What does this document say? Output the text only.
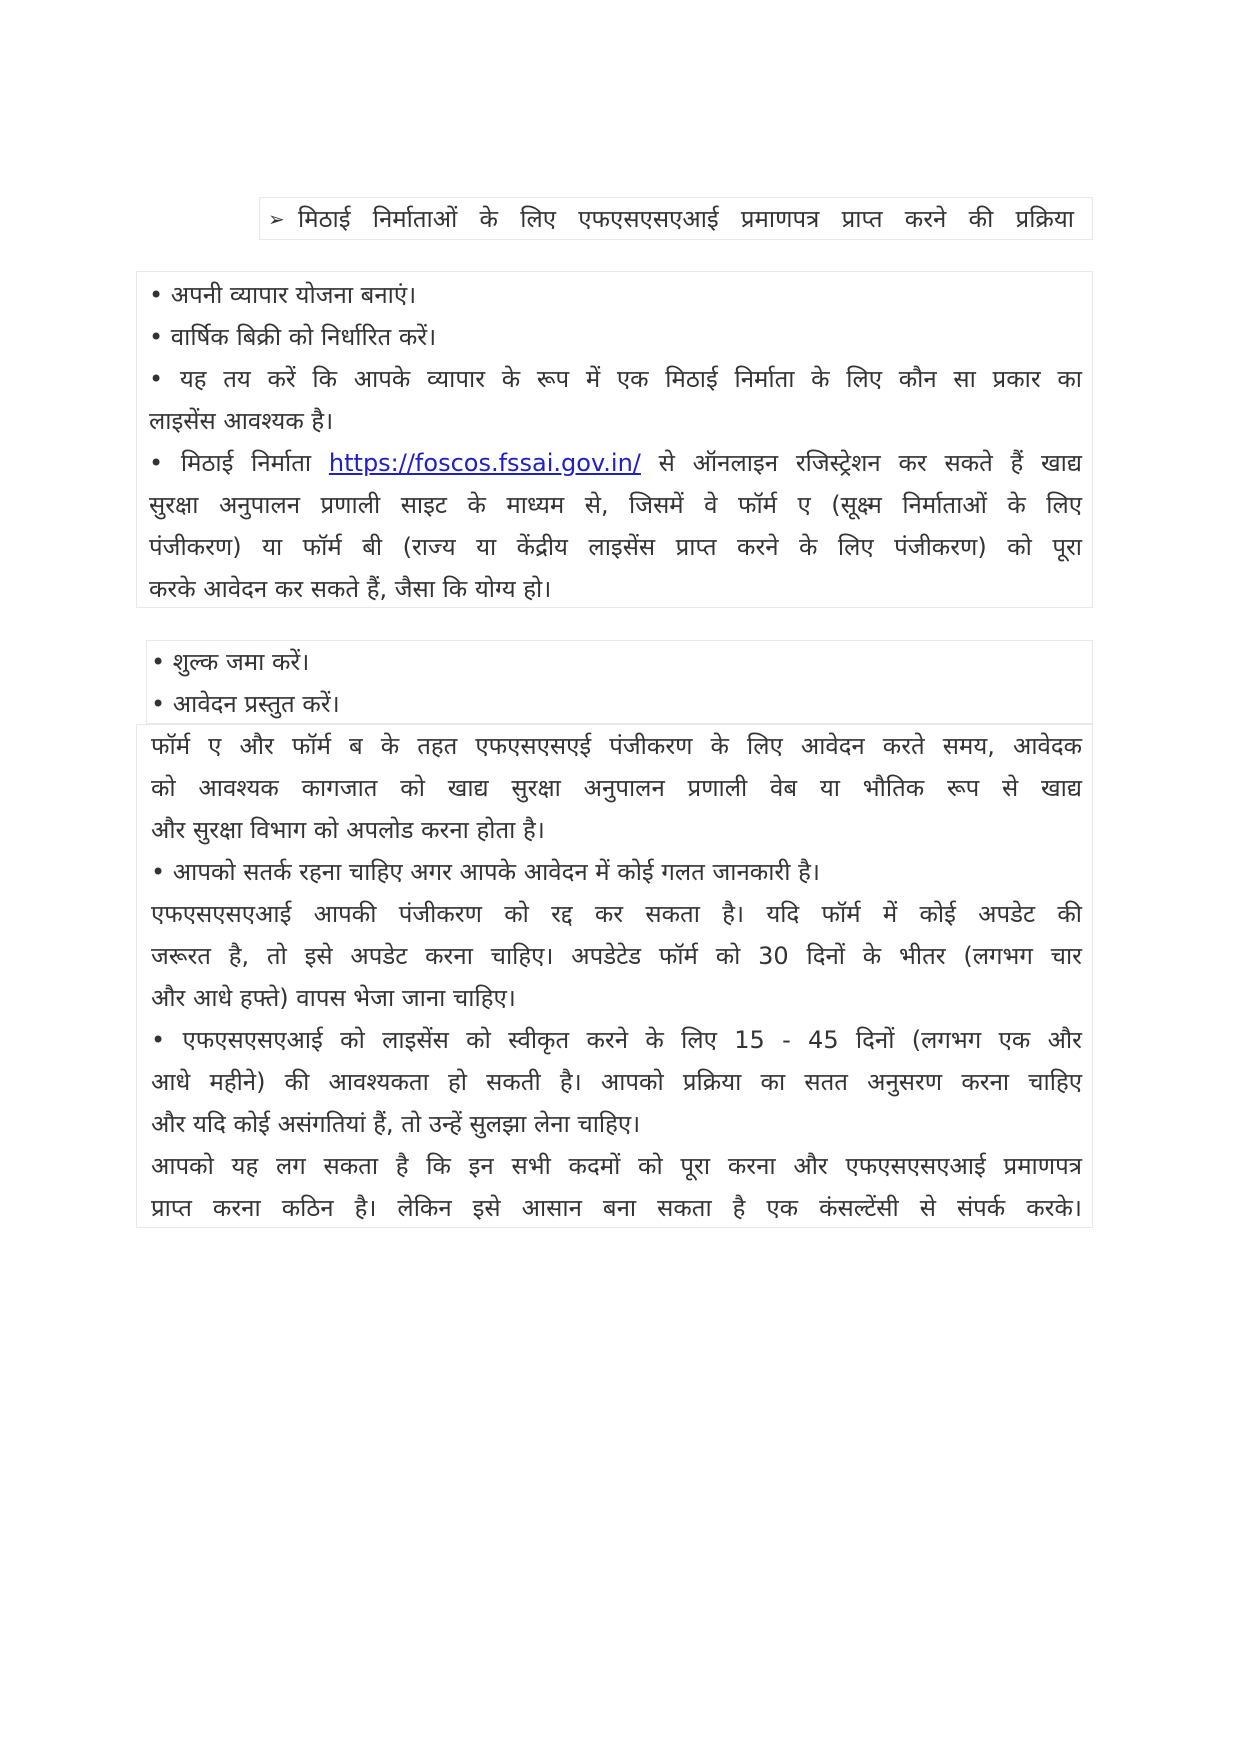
➢ मिठाई निर्माताओं के लिए एफएसएसएआई प्रमाणपत्र प्राप्त करने की प्रक्रिया
• अपनी व्यापार योजना बनाएं।
• वार्षिक बिक्री को निर्धारित करें।
• यह तय करें कि आपके व्यापार के रूप में एक मिठाई निर्माता के लिए कौन सा प्रकार का
लाइसेंस आवश्यक है।
• मिठाई निर्माता https://foscos.fssai.gov.in/ से ऑनलाइन रजिस्ट्रेशन कर सकते हैं खाद्य
सुरक्षा अनुपालन प्रणाली साइट के माध्यम से, जिसमें वे फॉर्म ए (सूक्ष्म निर्माताओं के लिए
पंजीकरण) या फॉर्म बी (राज्य या केंद्रीय लाइसेंस प्राप्त करने के लिए पंजीकरण) को पूरा
करके आवेदन कर सकते हैं, जैसा कि योग्य हो।
• शुल्क जमा करें।
• आवेदन प्रस्तुत करें।
फॉर्म ए और फॉर्म ब के तहत एफएसएसएई पंजीकरण के लिए आवेदन करते समय, आवेदक
को आवश्यक कागजात को खाद्य सुरक्षा अनुपालन प्रणाली वेब या भौतिक रूप से खाद्य
और सुरक्षा विभाग को अपलोड करना होता है।
• आपको सतर्क रहना चाहिए अगर आपके आवेदन में कोई गलत जानकारी है।
एफएसएसएआई आपकी पंजीकरण को रद्द कर सकता है। यदि फॉर्म में कोई अपडेट की
जरूरत है, तो इसे अपडेट करना चाहिए। अपडेटेड फॉर्म को 30 दिनों के भीतर (लगभग चार
और आधे हफ्ते) वापस भेजा जाना चाहिए।
• एफएसएसएआई को लाइसेंस को स्वीकृत करने के लिए 15 - 45 दिनों (लगभग एक और
आधे महीने) की आवश्यकता हो सकती है। आपको प्रक्रिया का सतत अनुसरण करना चाहिए
और यदि कोई असंगतियां हैं, तो उन्हें सुलझा लेना चाहिए।
आपको यह लग सकता है कि इन सभी कदमों को पूरा करना और एफएसएसएआई प्रमाणपत्र
प्राप्त करना कठिन है। लेकिन इसे आसान बना सकता है एक कंसल्टेंसी से संपर्क करके।
